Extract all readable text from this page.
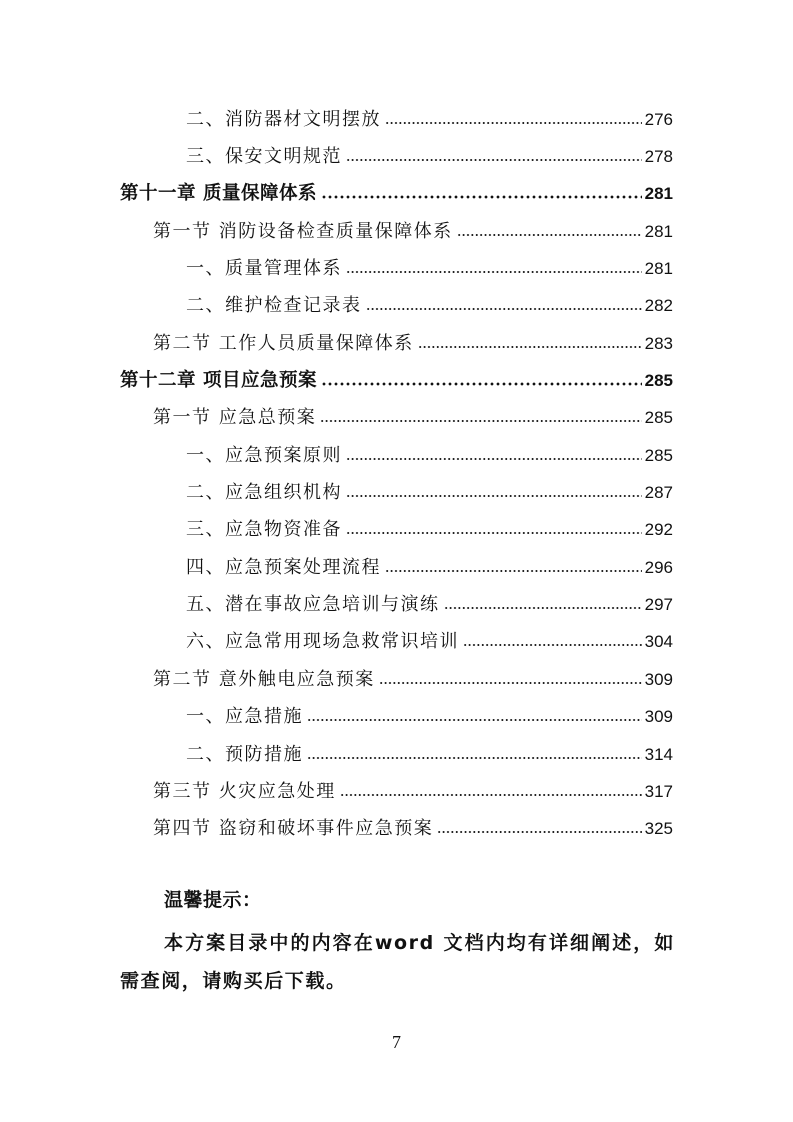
二、消防器材文明摆放	276
三、保安文明规范	278
第十一章 质量保障体系	281
第一节 消防设备检查质量保障体系	281
一、质量管理体系	281
二、维护检查记录表	282
第二节 工作人员质量保障体系	283
第十二章 项目应急预案	285
第一节 应急总预案	285
一、应急预案原则	285
二、应急组织机构	287
三、应急物资准备	292
四、应急预案处理流程	296
五、潜在事故应急培训与演练	297
六、应急常用现场急救常识培训	304
第二节 意外触电应急预案	309
一、应急措施	309
二、预防措施	314
第三节 火灾应急处理	317
第四节 盗窃和破坏事件应急预案	325

温馨提示：

本方案目录中的内容在word 文档内均有详细阐述，如需查阅，请购买后下载。

7
